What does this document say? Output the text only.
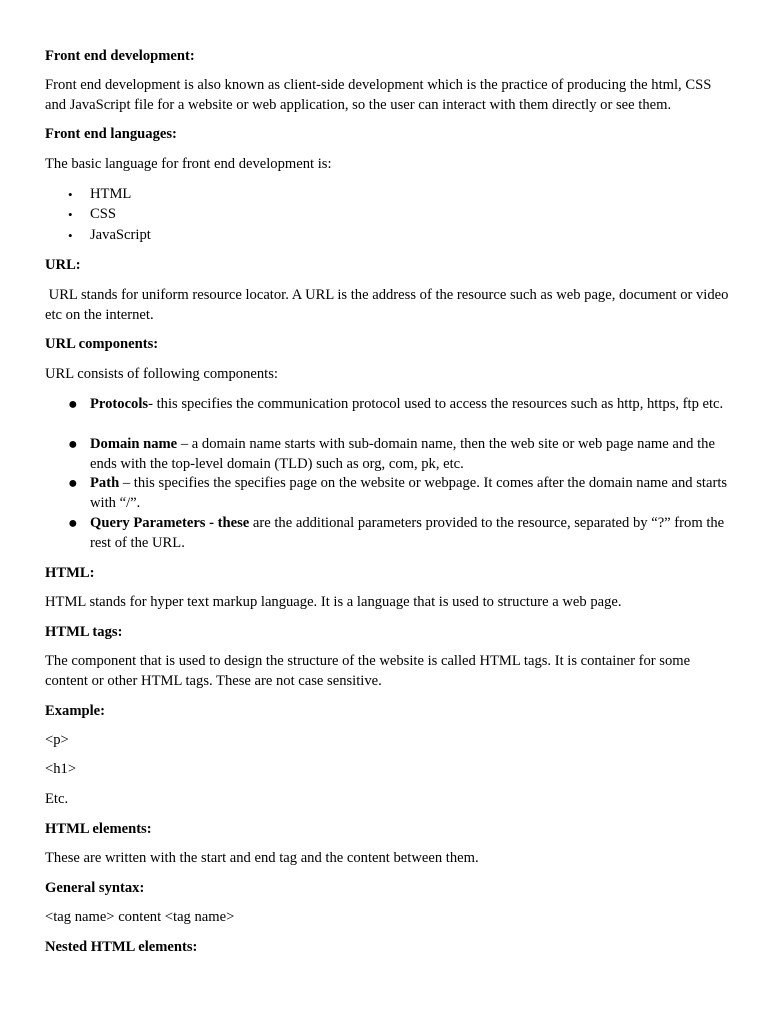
Front end development:

Front end development is also known as client-side development which is the practice of producing the html, CSS and JavaScript file for a website or web application, so the user can interact with them directly or see them.

Front end languages:

The basic language for front end development is:

• HTML
• CSS
• JavaScript

URL:

URL stands for uniform resource locator. A URL is the address of the resource such as web page, document or video etc on the internet.

URL components:

URL consists of following components:

● Protocols- this specifies the communication protocol used to access the resources such as http, https, ftp etc.
● Domain name – a domain name starts with sub-domain name, then the web site or web page name and the ends with the top-level domain (TLD) such as org, com, pk, etc.
● Path – this specifies the specifies page on the website or webpage. It comes after the domain name and starts with “/”.
● Query Parameters - these are the additional parameters provided to the resource, separated by “?” from the rest of the URL.

HTML:

HTML stands for hyper text markup language. It is a language that is used to structure a web page.

HTML tags:

The component that is used to design the structure of the website is called HTML tags. It is container for some content or other HTML tags. These are not case sensitive.

Example:

<p>

<h1>

Etc.

HTML elements:

These are written with the start and end tag and the content between them.

General syntax:

<tag name> content <tag name>

Nested HTML elements:
